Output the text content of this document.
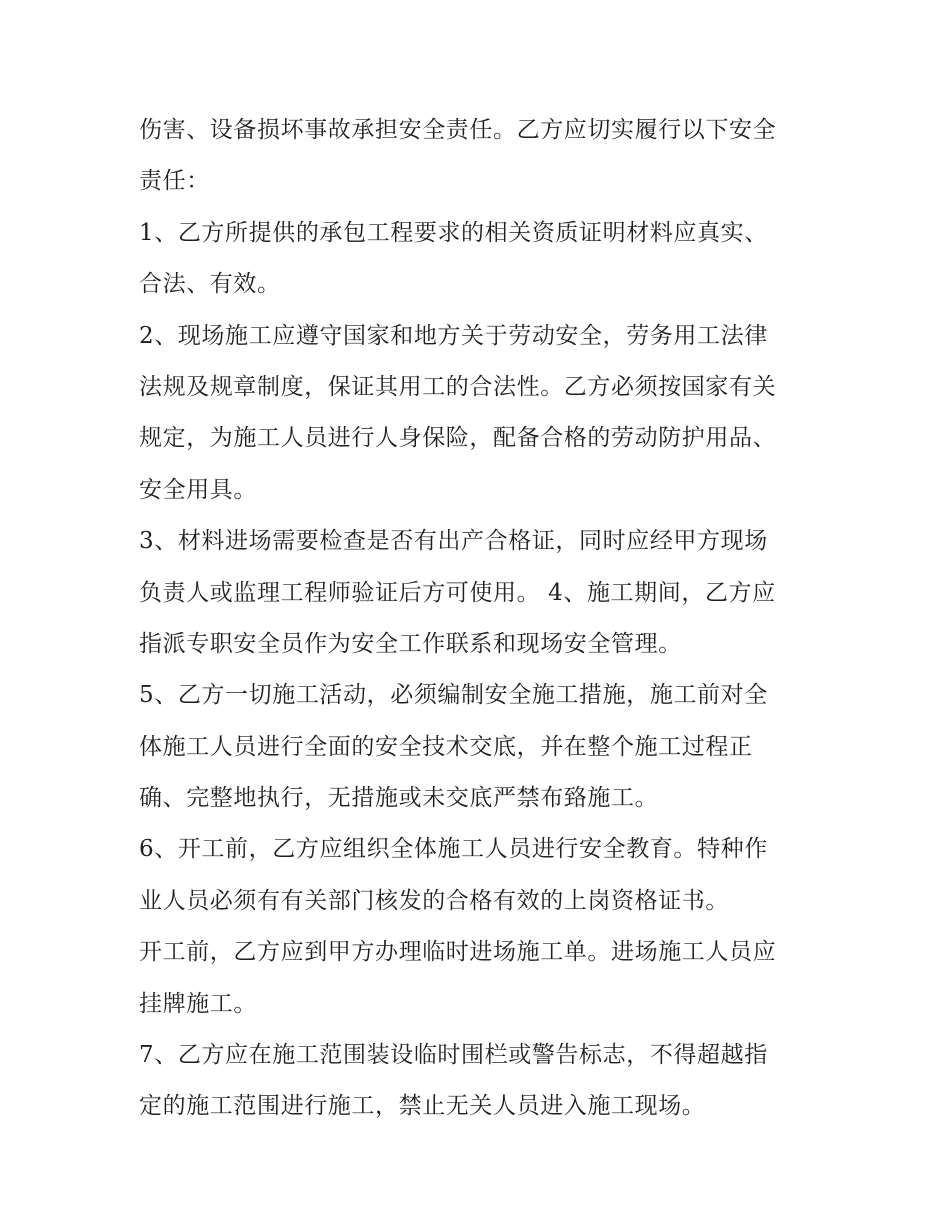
伤害、设备损坏事故承担安全责任。乙方应切实履行以下安全
责任：
1、乙方所提供的承包工程要求的相关资质证明材料应真实、
合法、有效。
2、现场施工应遵守国家和地方关于劳动安全，劳务用工法律
法规及规章制度，保证其用工的合法性。乙方必须按国家有关
规定，为施工人员进行人身保险，配备合格的劳动防护用品、
安全用具。
3、材料进场需要检查是否有出产合格证，同时应经甲方现场
负责人或监理工程师验证后方可使用。 4、施工期间，乙方应
指派专职安全员作为安全工作联系和现场安全管理。
5、乙方一切施工活动，必须编制安全施工措施，施工前对全
体施工人员进行全面的安全技术交底，并在整个施工过程正
确、完整地执行，无措施或未交底严禁布臵施工。
6、开工前，乙方应组织全体施工人员进行安全教育。特种作
业人员必须有有关部门核发的合格有效的上岗资格证书。
开工前，乙方应到甲方办理临时进场施工单。进场施工人员应
挂牌施工。
7、乙方应在施工范围装设临时围栏或警告标志，不得超越指
定的施工范围进行施工，禁止无关人员进入施工现场。
